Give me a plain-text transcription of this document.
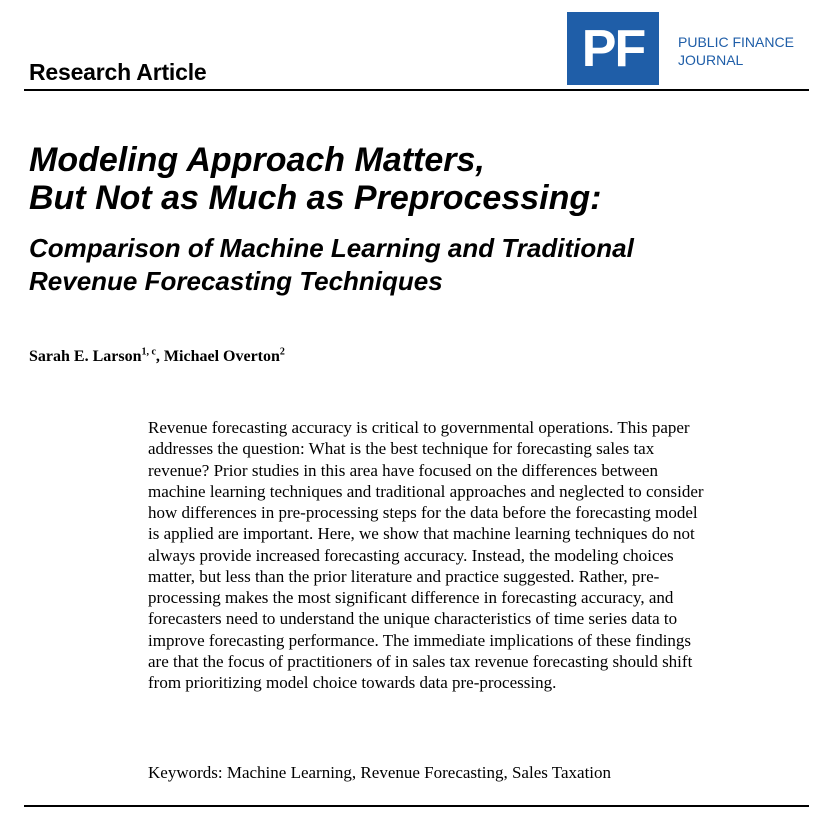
Research Article	PF PUBLIC FINANCE
JOURNAL
Modeling Approach Matters,
But Not as Much as Preprocessing:
Comparison of Machine Learning and Traditional
Revenue Forecasting Techniques
Sarah E. Larson$^{1, c}$, Michael Overton$^2$
Revenue forecasting accuracy is critical to governmental operations. This paper
addresses the question: What is the best technique for forecasting sales tax
revenue? Prior studies in this area have focused on the differences between
machine learning techniques and traditional approaches and neglected to consider
how differences in pre-processing steps for the data before the forecasting model
is applied are important. Here, we show that machine learning techniques do not
always provide increased forecasting accuracy. Instead, the modeling choices
matter, but less than the prior literature and practice suggested. Rather, pre-
processing makes the most significant difference in forecasting accuracy, and
forecasters need to understand the unique characteristics of time series data to
improve forecasting performance. The immediate implications of these findings
are that the focus of practitioners of in sales tax revenue forecasting should shift
from prioritizing model choice towards data pre-processing.
Keywords: Machine Learning, Revenue Forecasting, Sales Taxation
